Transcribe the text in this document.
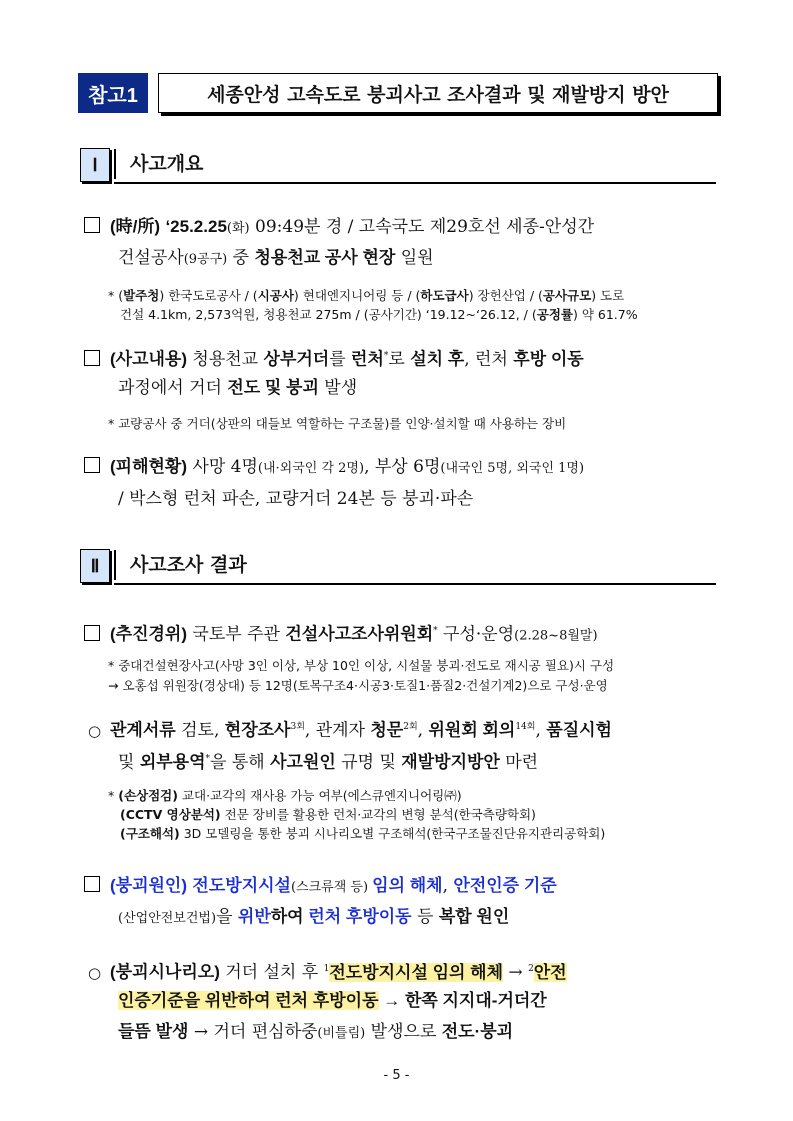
참고1	세종안성 고속도로 붕괴사고 조사결과 및 재발방지 방안
Ⅰ	사고개요
(時/所) ‘25.2.25(화) 09:49분 경 / 고속국도 제29호선 세종-안성간
건설공사(9공구) 중 청용천교 공사 현장 일원
* (발주청) 한국도로공사 / (시공사) 현대엔지니어링 등 / (하도급사) 장헌산업 / (공사규모) 도로
건설 4.1km, 2,573억원, 청용천교 275m / (공사기간) ‘19.12~‘26.12, / (공정률) 약 61.7%
(사고내용) 청용천교 상부거더를 런처*로 설치 후, 런처 후방 이동
과정에서 거더 전도 및 붕괴 발생
* 교량공사 중 거더(상판의 대들보 역할하는 구조물)를 인양·설치할 때 사용하는 장비
(피해현황) 사망 4명(내·외국인 각 2명), 부상 6명(내국인 5명, 외국인 1명)
/ 박스형 런처 파손, 교량거더 24본 등 붕괴·파손
Ⅱ	사고조사 결과
(추진경위) 국토부 주관 건설사고조사위원회* 구성·운영(2.28~8월말)
* 중대건설현장사고(사망 3인 이상, 부상 10인 이상, 시설물 붕괴·전도로 재시공 필요)시 구성
→ 오홍섭 위원장(경상대) 등 12명(토목구조4·시공3·토질1·품질2·건설기계2)으로 구성·운영
○ 관계서류 검토, 현장조사$^{3회}$, 관계자 청문$^{2회}$, 위원회 회의$^{14회}$, 품질시험
및 외부용역*을 통해 사고원인 규명 및 재발방지방안 마련
* (손상점검) 교대·교각의 재사용 가능 여부(에스큐엔지니어링㈜)
(CCTV 영상분석) 전문 장비를 활용한 런처·교각의 변형 분석(한국측량학회)
(구조해석) 3D 모델링을 통한 붕괴 시나리오별 구조해석(한국구조물진단유지관리공학회)
(붕괴원인) 전도방지시설(스크류잭 등) 임의 해체, 안전인증 기준
(산업안전보건법)을 위반하여 런처 후방이동 등 복합 원인
○ (붕괴시나리오) 거더 설치 후 $^1$전도방지시설 임의 해체 → $^2$안전
인증기준을 위반하여 런처 후방이동 → 한쪽 지지대-거더간
들뜸 발생 → 거더 편심하중(비틀림) 발생으로 전도·붕괴
- 5 -
